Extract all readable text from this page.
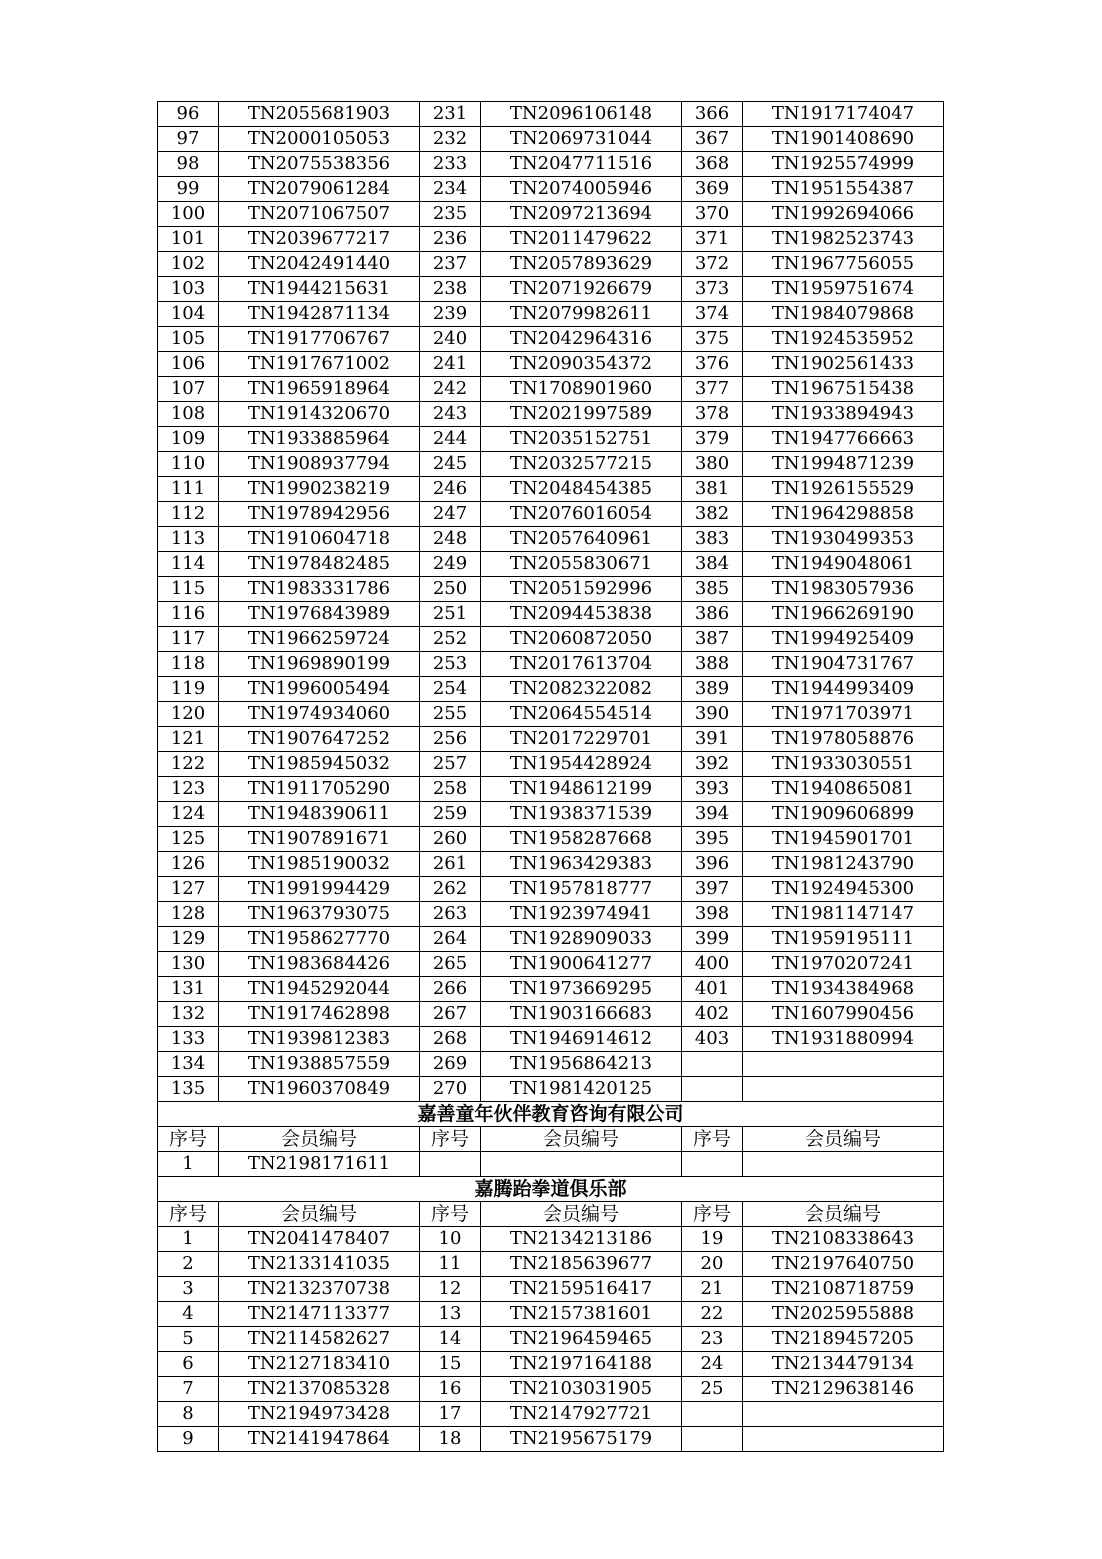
96	TN2055681903	231	TN2096106148	366	TN1917174047
97	TN2000105053	232	TN2069731044	367	TN1901408690
98	TN2075538356	233	TN2047711516	368	TN1925574999
99	TN2079061284	234	TN2074005946	369	TN1951554387
100	TN2071067507	235	TN2097213694	370	TN1992694066
101	TN2039677217	236	TN2011479622	371	TN1982523743
102	TN2042491440	237	TN2057893629	372	TN1967756055
103	TN1944215631	238	TN2071926679	373	TN1959751674
104	TN1942871134	239	TN2079982611	374	TN1984079868
105	TN1917706767	240	TN2042964316	375	TN1924535952
106	TN1917671002	241	TN2090354372	376	TN1902561433
107	TN1965918964	242	TN1708901960	377	TN1967515438
108	TN1914320670	243	TN2021997589	378	TN1933894943
109	TN1933885964	244	TN2035152751	379	TN1947766663
110	TN1908937794	245	TN2032577215	380	TN1994871239
111	TN1990238219	246	TN2048454385	381	TN1926155529
112	TN1978942956	247	TN2076016054	382	TN1964298858
113	TN1910604718	248	TN2057640961	383	TN1930499353
114	TN1978482485	249	TN2055830671	384	TN1949048061
115	TN1983331786	250	TN2051592996	385	TN1983057936
116	TN1976843989	251	TN2094453838	386	TN1966269190
117	TN1966259724	252	TN2060872050	387	TN1994925409
118	TN1969890199	253	TN2017613704	388	TN1904731767
119	TN1996005494	254	TN2082322082	389	TN1944993409
120	TN1974934060	255	TN2064554514	390	TN1971703971
121	TN1907647252	256	TN2017229701	391	TN1978058876
122	TN1985945032	257	TN1954428924	392	TN1933030551
123	TN1911705290	258	TN1948612199	393	TN1940865081
124	TN1948390611	259	TN1938371539	394	TN1909606899
125	TN1907891671	260	TN1958287668	395	TN1945901701
126	TN1985190032	261	TN1963429383	396	TN1981243790
127	TN1991994429	262	TN1957818777	397	TN1924945300
128	TN1963793075	263	TN1923974941	398	TN1981147147
129	TN1958627770	264	TN1928909033	399	TN1959195111
130	TN1983684426	265	TN1900641277	400	TN1970207241
131	TN1945292044	266	TN1973669295	401	TN1934384968
132	TN1917462898	267	TN1903166683	402	TN1607990456
133	TN1939812383	268	TN1946914612	403	TN1931880994
134	TN1938857559	269	TN1956864213		
135	TN1960370849	270	TN1981420125		
嘉善童年伙伴教育咨询有限公司					
序号	会员编号	序号	会员编号	序号	会员编号
1	TN2198171611				
嘉腾跆拳道俱乐部					
序号	会员编号	序号	会员编号	序号	会员编号
1	TN2041478407	10	TN2134213186	19	TN2108338643
2	TN2133141035	11	TN2185639677	20	TN2197640750
3	TN2132370738	12	TN2159516417	21	TN2108718759
4	TN2147113377	13	TN2157381601	22	TN2025955888
5	TN2114582627	14	TN2196459465	23	TN2189457205
6	TN2127183410	15	TN2197164188	24	TN2134479134
7	TN2137085328	16	TN2103031905	25	TN2129638146
8	TN2194973428	17	TN2147927721		
9	TN2141947864	18	TN2195675179		
